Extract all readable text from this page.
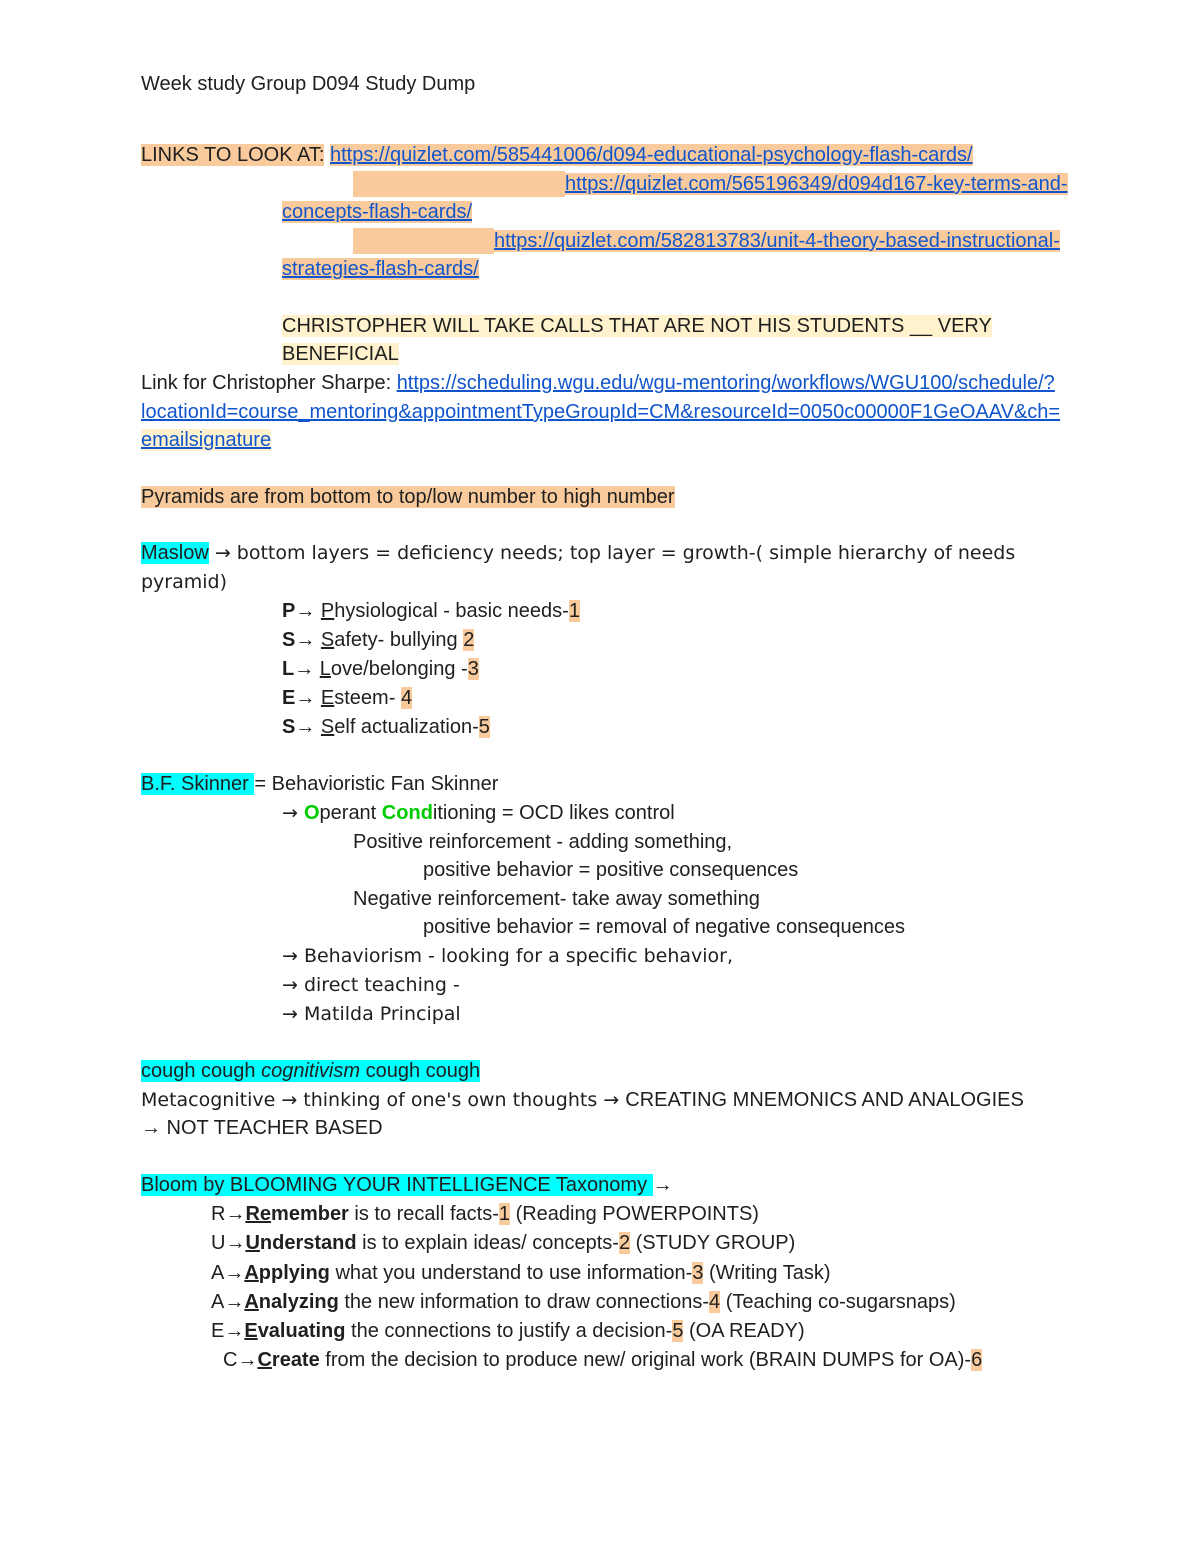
Week study Group D094 Study Dump
LINKS TO LOOK AT: https://quizlet.com/585441006/d094-educational-psychology-flash-cards/
https://quizlet.com/565196349/d094d167-key-terms-and-
concepts-flash-cards/
https://quizlet.com/582813783/unit-4-theory-based-instructional-
strategies-flash-cards/
CHRISTOPHER WILL TAKE CALLS THAT ARE NOT HIS STUDENTS __ VERY
BENEFICIAL
Link for Christopher Sharpe: https://scheduling.wgu.edu/wgu-mentoring/workflows/WGU100/schedule/?
locationId=course_mentoring&appointmentTypeGroupId=CM&resourceId=0050c00000F1GeOAAV&ch=
emailsignature
Pyramids are from bottom to top/low number to high number
Maslow → bottom layers = deficiency needs; top layer = growth-( simple hierarchy of needs
pyramid)
P→ Physiological - basic needs-1
S→ Safety- bullying 2
L→ Love/belonging -3
E→ Esteem- 4
S→ Self actualization-5
B.F. Skinner = Behavioristic Fan Skinner
→ Operant Conditioning = OCD likes control
Positive reinforcement - adding something,
positive behavior = positive consequences
Negative reinforcement- take away something
positive behavior = removal of negative consequences
→ Behaviorism - looking for a specific behavior,
→ direct teaching -
→ Matilda Principal
cough cough cognitivism cough cough
Metacognitive → thinking of one's own thoughts → CREATING MNEMONICS AND ANALOGIES
→ NOT TEACHER BASED
Bloom by BLOOMING YOUR INTELLIGENCE Taxonomy →
R→Remember is to recall facts-1 (Reading POWERPOINTS)
U→Understand is to explain ideas/ concepts-2 (STUDY GROUP)
A→Applying what you understand to use information-3 (Writing Task)
A→Analyzing the new information to draw connections-4 (Teaching co-sugarsnaps)
E→Evaluating the connections to justify a decision-5 (OA READY)
C→Create from the decision to produce new/ original work (BRAIN DUMPS for OA)-6
